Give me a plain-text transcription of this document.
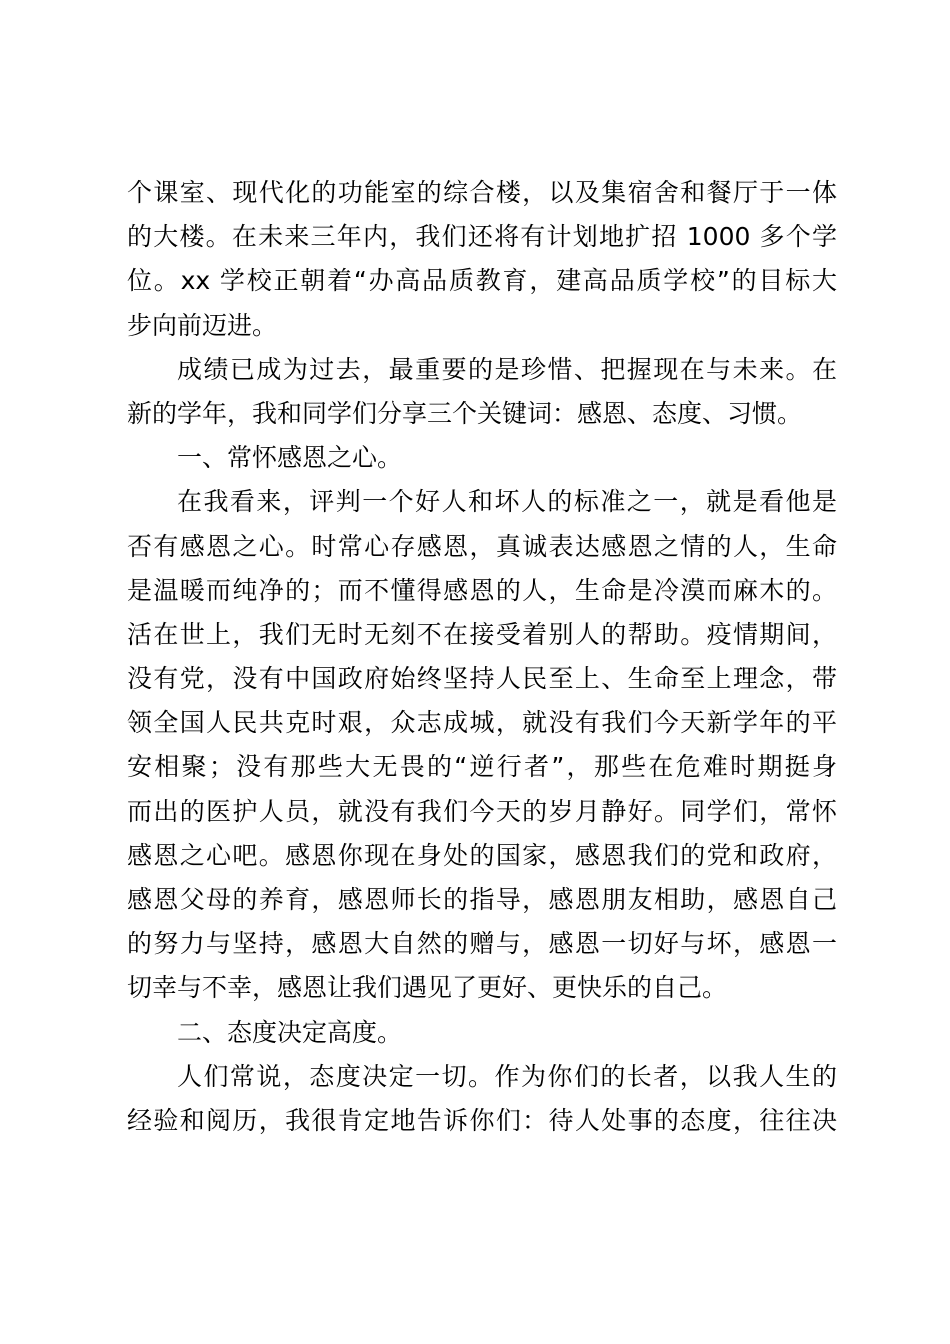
个课室、现代化的功能室的综合楼，以及集宿舍和餐厅于一体
的大楼。在未来三年内，我们还将有计划地扩招 1000 多个学
位。xx 学校正朝着“办高品质教育，建高品质学校”的目标大
步向前迈进。
成绩已成为过去，最重要的是珍惜、把握现在与未来。在
新的学年，我和同学们分享三个关键词：感恩、态度、习惯。
一、常怀感恩之心。
在我看来，评判一个好人和坏人的标准之一，就是看他是
否有感恩之心。时常心存感恩，真诚表达感恩之情的人，生命
是温暖而纯净的；而不懂得感恩的人，生命是冷漠而麻木的。
活在世上，我们无时无刻不在接受着别人的帮助。疫情期间，
没有党，没有中国政府始终坚持人民至上、生命至上理念，带
领全国人民共克时艰，众志成城，就没有我们今天新学年的平
安相聚；没有那些大无畏的“逆行者”，那些在危难时期挺身
而出的医护人员，就没有我们今天的岁月静好。同学们，常怀
感恩之心吧。感恩你现在身处的国家，感恩我们的党和政府，
感恩父母的养育，感恩师长的指导，感恩朋友相助，感恩自己
的努力与坚持，感恩大自然的赠与，感恩一切好与坏，感恩一
切幸与不幸，感恩让我们遇见了更好、更快乐的自己。
二、态度决定高度。
人们常说，态度决定一切。作为你们的长者，以我人生的
经验和阅历，我很肯定地告诉你们：待人处事的态度，往往决
